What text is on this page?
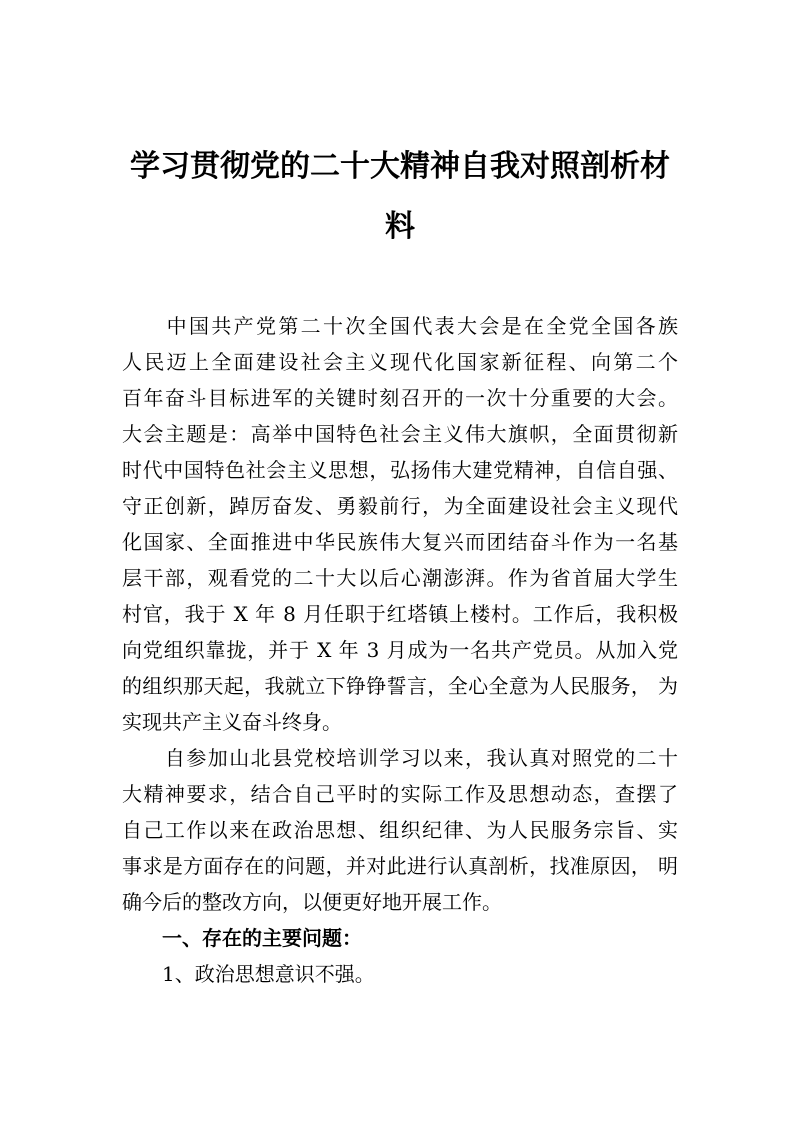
学习贯彻党的二十大精神自我对照剖析材
料
　　中国共产党第二十次全国代表大会是在全党全国各族
人民迈上全面建设社会主义现代化国家新征程、向第二个
百年奋斗目标进军的关键时刻召开的一次十分重要的大会。
大会主题是：高举中国特色社会主义伟大旗帜，全面贯彻新
时代中国特色社会主义思想，弘扬伟大建党精神，自信自强、
守正创新，踔厉奋发、勇毅前行，为全面建设社会主义现代
化国家、全面推进中华民族伟大复兴而团结奋斗作为一名基
层干部，观看党的二十大以后心潮澎湃。作为省首届大学生
村官，我于 X 年 8 月任职于红塔镇上楼村。工作后，我积极
向党组织靠拢，并于 X 年 3 月成为一名共产党员。从加入党
的组织那天起，我就立下铮铮誓言，全心全意为人民服务， 为
实现共产主义奋斗终身。
　　自参加山北县党校培训学习以来，我认真对照党的二十
大精神要求，结合自己平时的实际工作及思想动态，查摆了
自己工作以来在政治思想、组织纪律、为人民服务宗旨、实
事求是方面存在的问题，并对此进行认真剖析，找准原因， 明
确今后的整改方向，以便更好地开展工作。
　　一、存在的主要问题：
　　1、政治思想意识不强。
